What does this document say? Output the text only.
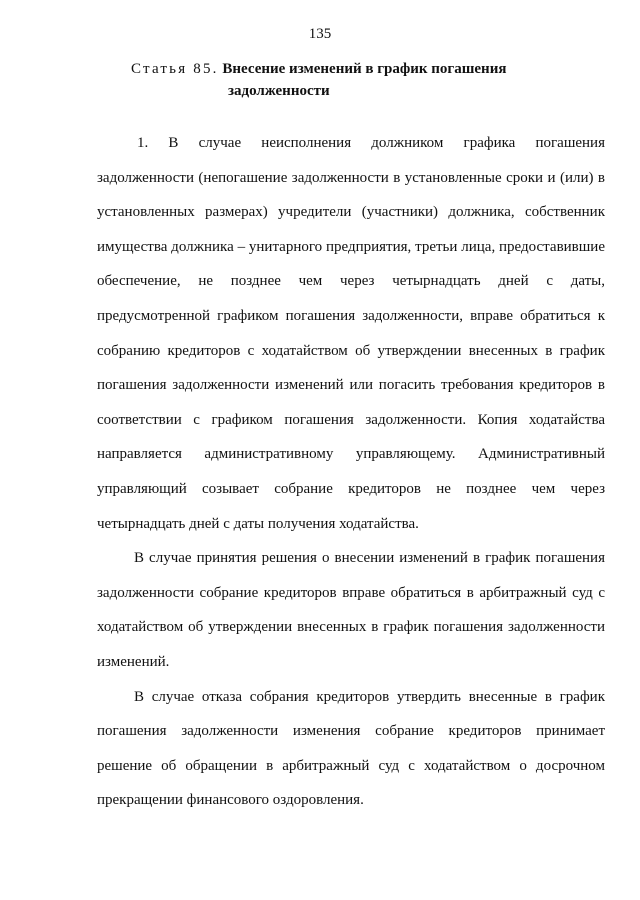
135
Статья 85. Внесение изменений в график погашения
задолженности

1. В случае неисполнения должником графика погашения задолженности (непогашение задолженности в установленные сроки и (или) в установленных размерах) учредители (участники) должника, собственник имущества должника – унитарного предприятия, третьи лица, предоставившие обеспечение, не позднее чем через четырнадцать дней с даты, предусмотренной графиком погашения задолженности, вправе обратиться к собранию кредиторов с ходатайством об утверждении внесенных в график погашения задолженности изменений или погасить требования кредиторов в соответствии с графиком погашения задолженности. Копия ходатайства направляется административному управляющему. Административный управляющий созывает собрание кредиторов не позднее чем через четырнадцать дней с даты получения ходатайства.

В случае принятия решения о внесении изменений в график погашения задолженности собрание кредиторов вправе обратиться в арбитражный суд с ходатайством об утверждении внесенных в график погашения задолженности изменений.

В случае отказа собрания кредиторов утвердить внесенные в график погашения задолженности изменения собрание кредиторов принимает решение об обращении в арбитражный суд с ходатайством о досрочном прекращении финансового оздоровления.
